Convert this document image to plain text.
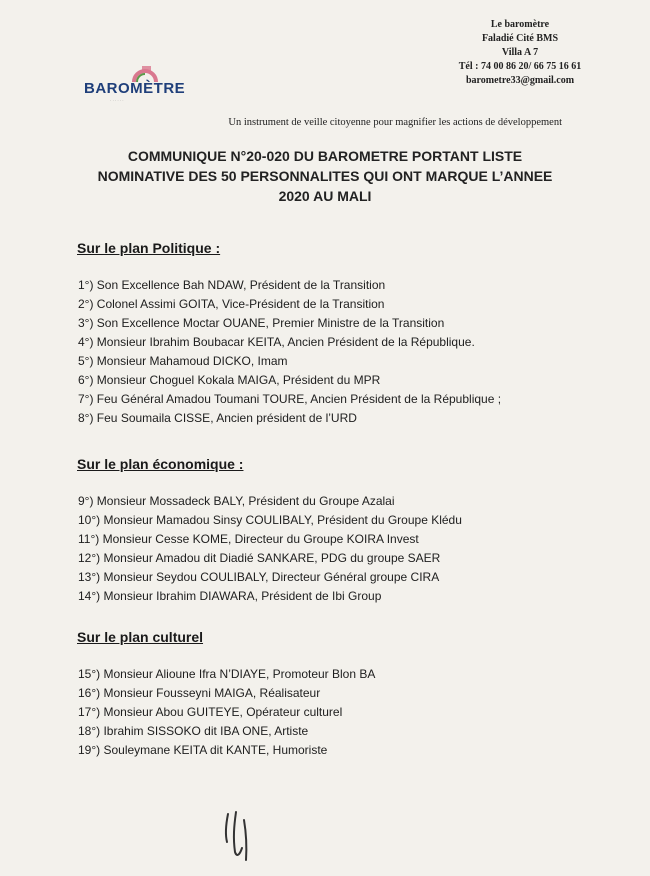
Le baromètre
Faladié Cité BMS
Villa A 7
Tél : 74 00 86 20/ 66 75 16 61
barometre33@gmail.com
BAROMÈTRE
· · · · · ·
Un instrument de veille citoyenne pour magnifier les actions de développement
COMMUNIQUE N°20-020 DU BAROMETRE PORTANT LISTE
NOMINATIVE DES 50 PERSONNALITES QUI ONT MARQUE L’ANNEE
2020 AU MALI
Sur le plan Politique :
1°) Son Excellence Bah NDAW, Président de la Transition
2°) Colonel Assimi GOITA, Vice-Président de la Transition
3°) Son Excellence Moctar OUANE, Premier Ministre de la Transition
4°) Monsieur Ibrahim Boubacar KEITA, Ancien Président de la République.
5°) Monsieur Mahamoud DICKO, Imam
6°) Monsieur Choguel Kokala MAIGA, Président du MPR
7°) Feu Général Amadou Toumani TOURE, Ancien Président de la République ;
8°) Feu Soumaila CISSE, Ancien président de l’URD
Sur le plan économique :
9°) Monsieur Mossadeck BALY, Président du Groupe Azalai
10°) Monsieur Mamadou Sinsy COULIBALY, Président du Groupe Klédu
11°) Monsieur Cesse KOME, Directeur du Groupe KOIRA Invest
12°) Monsieur Amadou dit Diadié SANKARE, PDG du groupe SAER
13°) Monsieur Seydou COULIBALY, Directeur Général groupe CIRA
14°) Monsieur Ibrahim DIAWARA, Président de Ibi Group
Sur le plan culturel
15°) Monsieur Alioune Ifra N’DIAYE, Promoteur Blon BA
16°) Monsieur Fousseyni MAIGA, Réalisateur
17°) Monsieur Abou GUITEYE, Opérateur culturel
18°) Ibrahim SISSOKO dit IBA ONE, Artiste
19°) Souleymane KEITA dit KANTE, Humoriste
